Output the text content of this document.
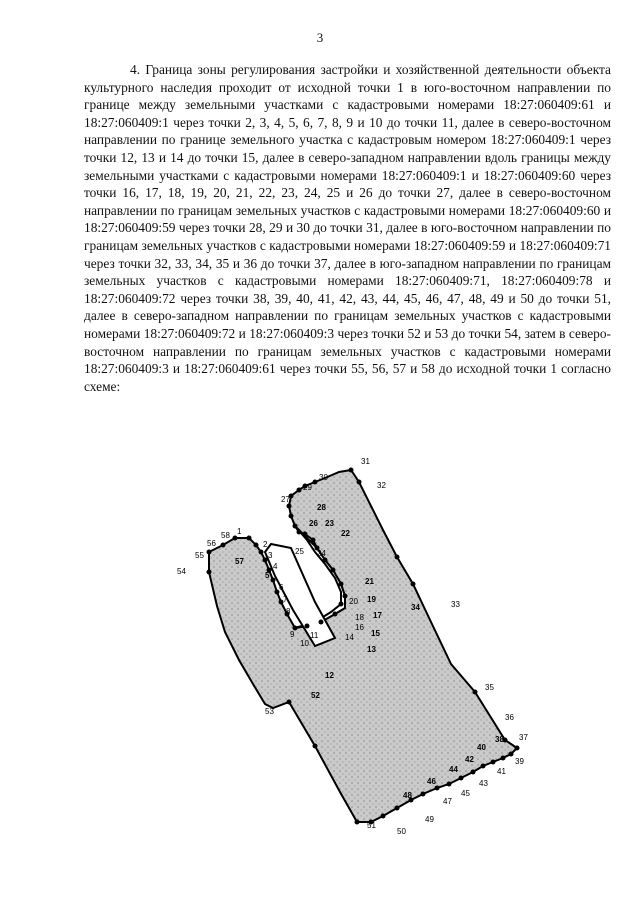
3

4. Граница зоны регулирования застройки и хозяйственной деятельности объекта культурного наследия проходит от исходной точки 1 в юго-восточном направлении по границе между земельными участками с кадастровыми номерами 18:27:060409:61 и 18:27:060409:1 через точки 2, 3, 4, 5, 6, 7, 8, 9 и 10 до точки 11, далее в северо-восточном направлении по границе земельного участка с кадастровым номером 18:27:060409:1 через точки 12, 13 и 14 до точки 15, далее в северо-западном направлении вдоль границы между земельными участками с кадастровыми номерами 18:27:060409:1 и 18:27:060409:60 через точки 16, 17, 18, 19, 20, 21, 22, 23, 24, 25 и 26 до точки 27, далее в северо-восточном направлении по границам земельных участков с кадастровыми номерами 18:27:060409:60 и 18:27:060409:59 через точки 28, 29 и 30 до точки 31, далее в юго-восточном направлении по границам земельных участков с кадастровыми номерами 18:27:060409:59 и 18:27:060409:71 через точки 32, 33, 34, 35 и 36 до точки 37, далее в юго-западном направлении по границам земельных участков с кадастровыми номерами 18:27:060409:71, 18:27:060409:78 и 18:27:060409:72 через точки 38, 39, 40, 41, 42, 43, 44, 45, 46, 47, 48, 49 и 50 до точки 51, далее в северо-западном направлении по границам земельных участков с кадастровыми номерами 18:27:060409:72 и 18:27:060409:3 через точки 52 и 53 до точки 54, затем в северо-восточном направлении по границам земельных участков с кадастровыми номерами 18:27:060409:3 и 18:27:060409:61 через точки 55, 56, 57 и 58 до исходной точки 1 согласно схеме:

1
2
3
4
5
6
7
8
9
10
11
12
13
14 15
16
17
18
19
20
21
22
23
24
25
26
27
28
29
30
31
32
33
34
35
36
37
38
39
40
41
42
43
44
45
46
47
48
49
50
51
52
53
54
55
56
57
58
